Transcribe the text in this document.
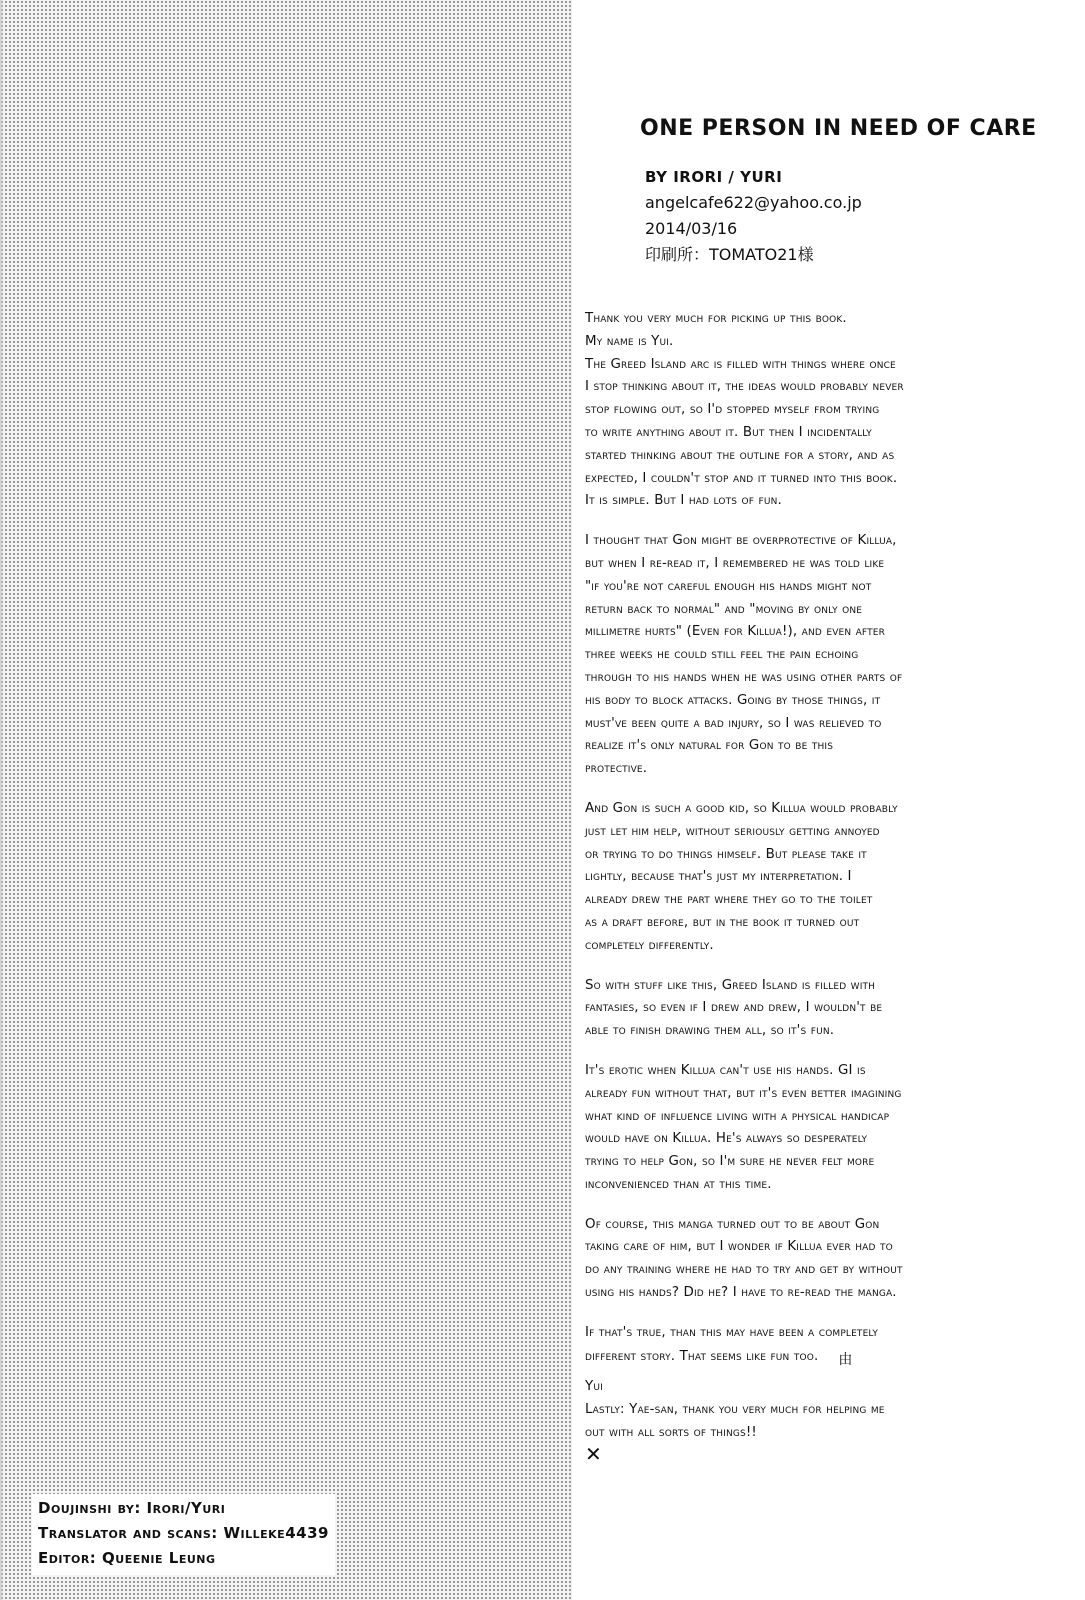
ONE PERSON IN NEED OF CARE
BY IRORI / YURI
angelcafe622@yahoo.co.jp
2014/03/16
印刷所：TOMATO21様

Thank you very much for picking up this book.
My name is Yui.
The Greed Island arc is filled with things where once
I stop thinking about it, the ideas would probably never
stop flowing out, so I'd stopped myself from trying
to write anything about it. But then I incidentally
started thinking about the outline for a story, and as
expected, I couldn't stop and it turned into this book.
It is simple. But I had lots of fun.

I thought that Gon might be overprotective of Killua,
but when I re-read it, I remembered he was told like
"if you're not careful enough his hands might not
return back to normal" and "moving by only one
millimetre hurts" (Even for Killua!), and even after
three weeks he could still feel the pain echoing
through to his hands when he was using other parts of
his body to block attacks. Going by those things, it
must've been quite a bad injury, so I was relieved to
realize it's only natural for Gon to be this
protective.

And Gon is such a good kid, so Killua would probably
just let him help, without seriously getting annoyed
or trying to do things himself. But please take it
lightly, because that's just my interpretation. I
already drew the part where they go to the toilet
as a draft before, but in the book it turned out
completely differently.

So with stuff like this, Greed Island is filled with
fantasies, so even if I drew and drew, I wouldn't be
able to finish drawing them all, so it's fun.

It's erotic when Killua can't use his hands. GI is
already fun without that, but it's even better imagining
what kind of influence living with a physical handicap
would have on Killua. He's always so desperately
trying to help Gon, so I'm sure he never felt more
inconvenienced than at this time.

Of course, this manga turned out to be about Gon
taking care of him, but I wonder if Killua ever had to
do any training where he had to try and get by without
using his hands? Did he? I have to re-read the manga.

If that's true, than this may have been a completely
different story. That seems like fun too. 由

Yui
Lastly: Yae-san, thank you very much for helping me
out with all sorts of things!!
✕

Doujinshi by: Irori/Yuri
Translator and scans: Willeke4439
Editor: Queenie Leung
